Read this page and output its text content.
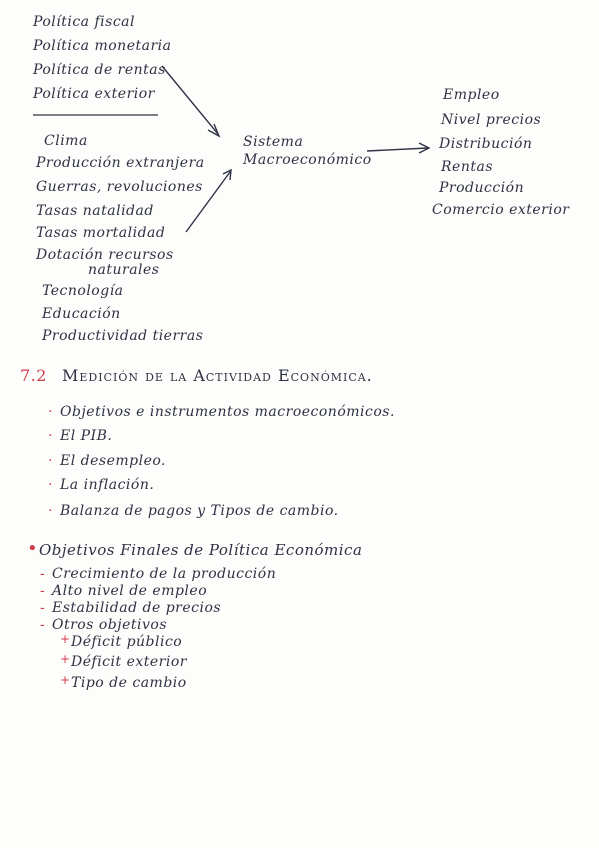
Política fiscal
Política monetaria
Política de rentas
Política exterior
Clima
Producción extranjera
Guerras, revoluciones
Tasas natalidad
Tasas mortalidad
Dotación recursos
naturales
Tecnología
Educación
Productividad tierras
Sistema
Macroeconómico
Empleo
Nivel precios
Distribución
Rentas
Producción
Comercio exterior
7.2 Medición de la Actividad Económica.
· Objetivos e instrumentos macroeconómicos.
· El PIB.
· El desempleo.
· La inflación.
· Balanza de pagos y Tipos de cambio.
• Objetivos Finales de Política Económica
- Crecimiento de la producción
- Alto nivel de empleo
- Estabilidad de precios
- Otros objetivos
+ Déficit público
+ Déficit exterior
+ Tipo de cambio
